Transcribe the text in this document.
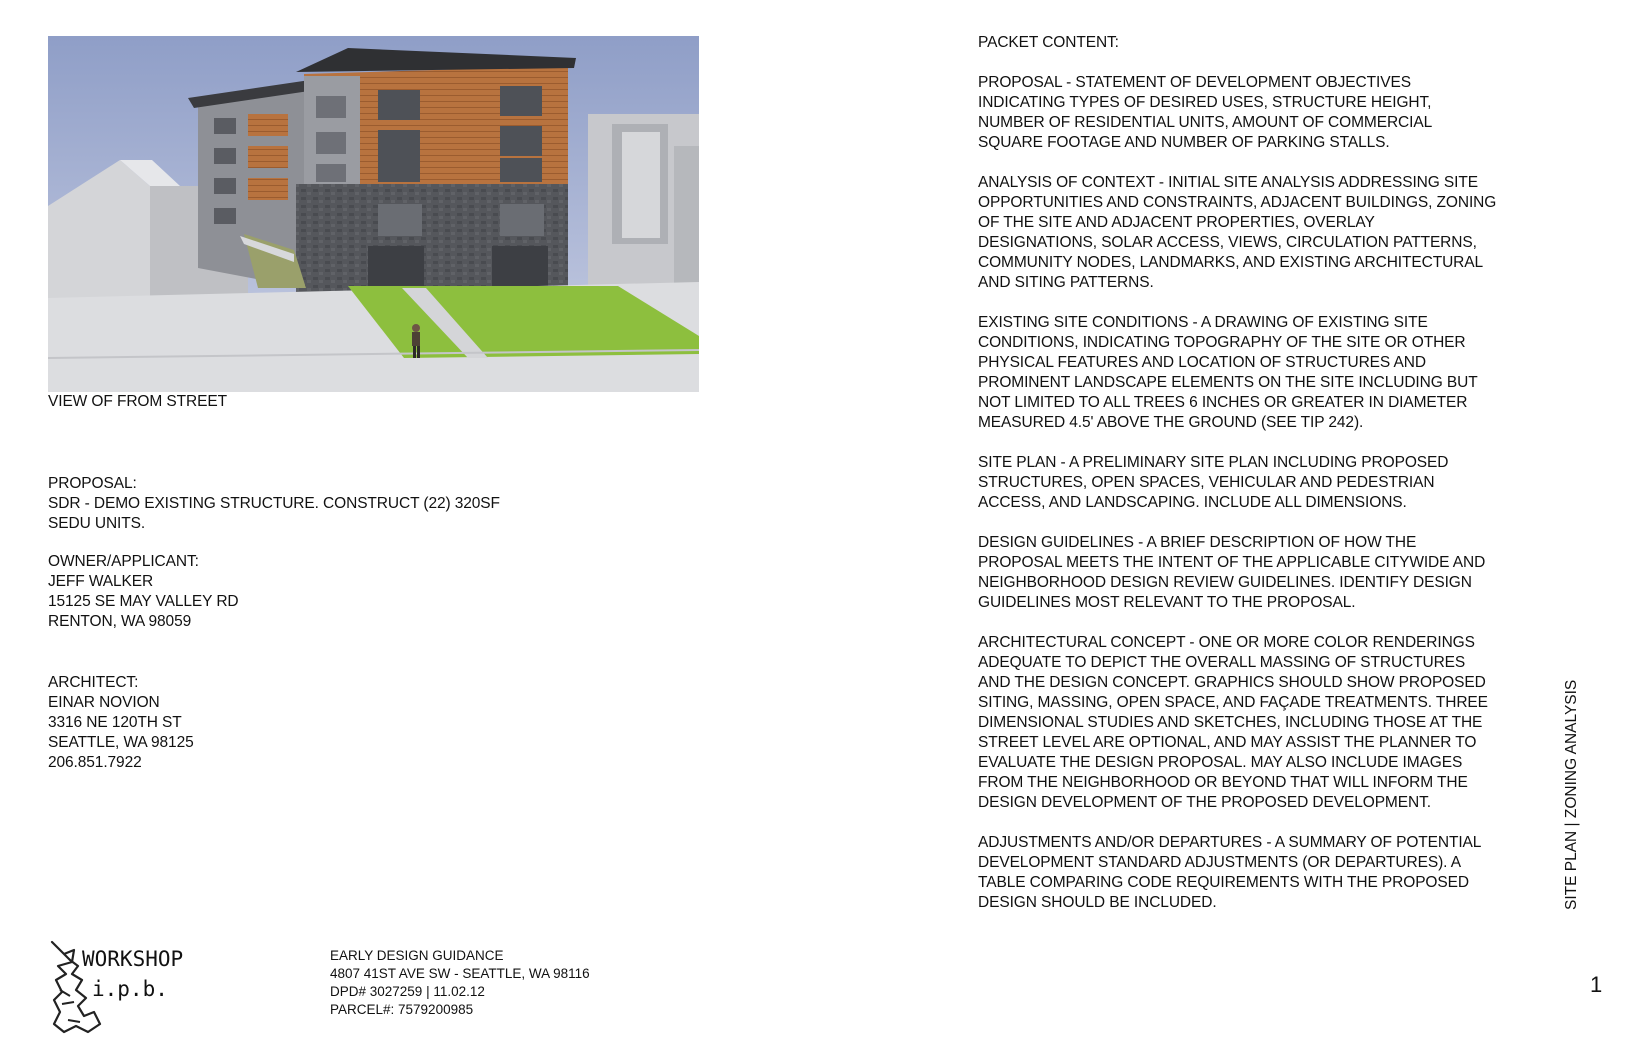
VIEW OF FROM STREET

PROPOSAL:

SDR - DEMO EXISTING STRUCTURE. CONSTRUCT (22) 320SF

SEDU UNITS.

OWNER/APPLICANT:

JEFF WALKER

15125 SE MAY VALLEY RD

RENTON, WA 98059

ARCHITECT:

EINAR NOVION

3316 NE 120TH ST

SEATTLE, WA 98125

206.851.7922

PACKET CONTENT:

PROPOSAL - STATEMENT OF DEVELOPMENT OBJECTIVES

INDICATING TYPES OF DESIRED USES, STRUCTURE HEIGHT,

NUMBER OF RESIDENTIAL UNITS, AMOUNT OF COMMERCIAL

SQUARE FOOTAGE AND NUMBER OF PARKING STALLS.

ANALYSIS OF CONTEXT - INITIAL SITE ANALYSIS ADDRESSING SITE

OPPORTUNITIES AND CONSTRAINTS, ADJACENT BUILDINGS, ZONING

OF THE SITE AND ADJACENT PROPERTIES, OVERLAY

DESIGNATIONS, SOLAR ACCESS, VIEWS, CIRCULATION PATTERNS,

COMMUNITY NODES, LANDMARKS, AND EXISTING ARCHITECTURAL

AND SITING PATTERNS.

EXISTING SITE CONDITIONS - A DRAWING OF EXISTING SITE

CONDITIONS, INDICATING TOPOGRAPHY OF THE SITE OR OTHER

PHYSICAL FEATURES AND LOCATION OF STRUCTURES AND

PROMINENT LANDSCAPE ELEMENTS ON THE SITE INCLUDING BUT

NOT LIMITED TO ALL TREES 6 INCHES OR GREATER IN DIAMETER

MEASURED 4.5' ABOVE THE GROUND (SEE TIP 242).

SITE PLAN - A PRELIMINARY SITE PLAN INCLUDING PROPOSED

STRUCTURES, OPEN SPACES, VEHICULAR AND PEDESTRIAN

ACCESS, AND LANDSCAPING. INCLUDE ALL DIMENSIONS.

DESIGN GUIDELINES - A BRIEF DESCRIPTION OF HOW THE

PROPOSAL MEETS THE INTENT OF THE APPLICABLE CITYWIDE AND

NEIGHBORHOOD DESIGN REVIEW GUIDELINES. IDENTIFY DESIGN

GUIDELINES MOST RELEVANT TO THE PROPOSAL.

ARCHITECTURAL CONCEPT - ONE OR MORE COLOR RENDERINGS

ADEQUATE TO DEPICT THE OVERALL MASSING OF STRUCTURES

AND THE DESIGN CONCEPT. GRAPHICS SHOULD SHOW PROPOSED

SITING, MASSING, OPEN SPACE, AND FAÇADE TREATMENTS. THREE

DIMENSIONAL STUDIES AND SKETCHES, INCLUDING THOSE AT THE

STREET LEVEL ARE OPTIONAL, AND MAY ASSIST THE PLANNER TO

EVALUATE THE DESIGN PROPOSAL. MAY ALSO INCLUDE IMAGES

FROM THE NEIGHBORHOOD OR BEYOND THAT WILL INFORM THE

DESIGN DEVELOPMENT OF THE PROPOSED DEVELOPMENT.

ADJUSTMENTS AND/OR DEPARTURES - A SUMMARY OF POTENTIAL

DEVELOPMENT STANDARD ADJUSTMENTS (OR DEPARTURES). A

TABLE COMPARING CODE REQUIREMENTS WITH THE PROPOSED

DESIGN SHOULD BE INCLUDED.	SITE PLAN | ZONING ANALYSIS
1
WORKSHOP
i.p.b.
EARLY DESIGN GUIDANCE
4807 41ST AVE SW - SEATTLE, WA 98116
DPD# 3027259 | 11.02.12
PARCEL#: 7579200985
